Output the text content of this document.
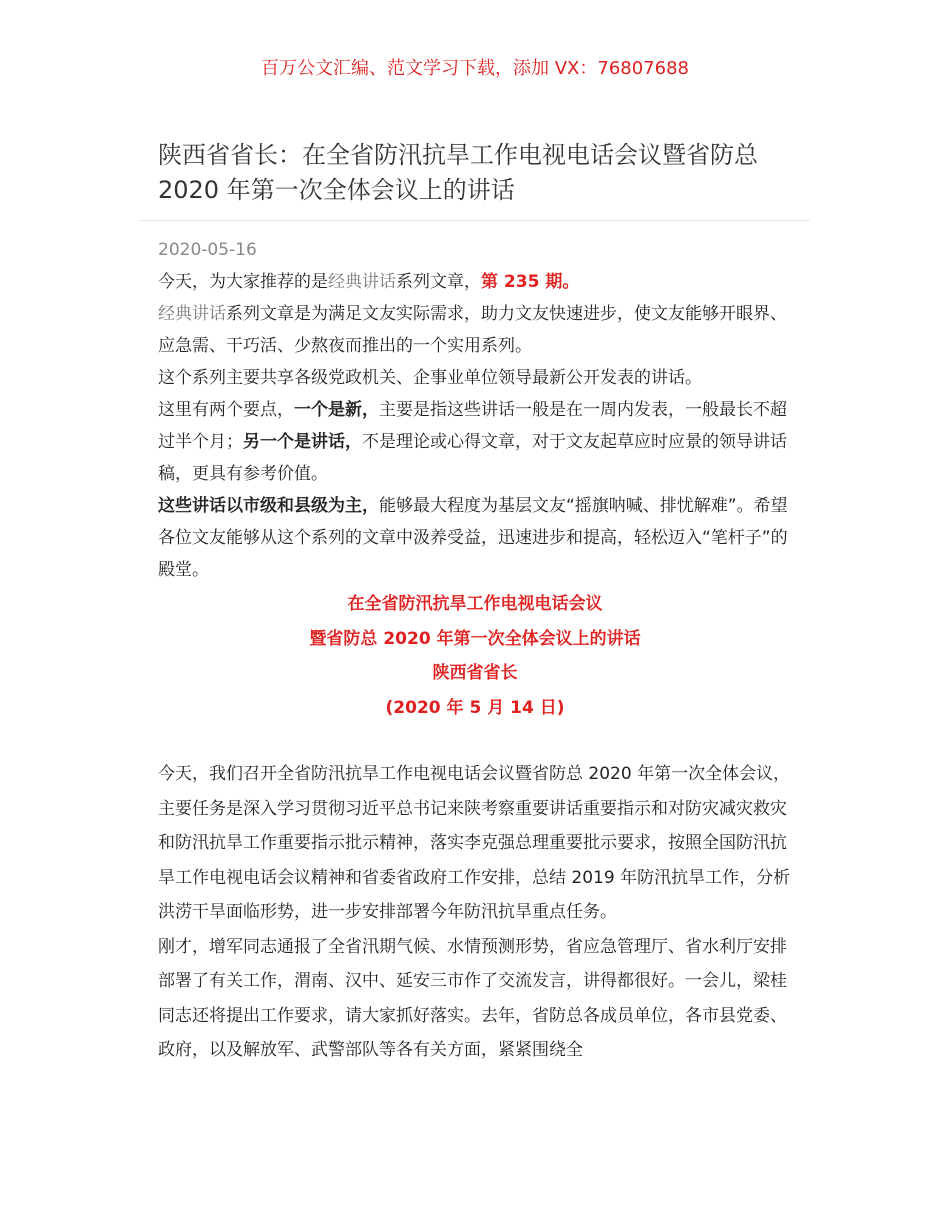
百万公文汇编、范文学习下载，添加 VX：76807688
陕西省省长：在全省防汛抗旱工作电视电话会议暨省防总 2020 年第一次全体会议上的讲话
2020-05-16

今天，为大家推荐的是经典讲话系列文章，第 235 期。

经典讲话系列文章是为满足文友实际需求，助力文友快速进步，使文友能够开眼界、应急需、干巧活、少熬夜而推出的一个实用系列。

这个系列主要共享各级党政机关、企事业单位领导最新公开发表的讲话。

这里有两个要点，一个是新，主要是指这些讲话一般是在一周内发表，一般最长不超过半个月；另一个是讲话，不是理论或心得文章，对于文友起草应时应景的领导讲话稿，更具有参考价值。

这些讲话以市级和县级为主，能够最大程度为基层文友“摇旗呐喊、排忧解难”。希望各位文友能够从这个系列的文章中汲养受益，迅速进步和提高，轻松迈入“笔杆子”的殿堂。

在全省防汛抗旱工作电视电话会议
暨省防总 2020 年第一次全体会议上的讲话
陕西省省长
(2020 年 5 月 14 日)

今天，我们召开全省防汛抗旱工作电视电话会议暨省防总 2020 年第一次全体会议，主要任务是深入学习贯彻习近平总书记来陕考察重要讲话重要指示和对防灾减灾救灾和防汛抗旱工作重要指示批示精神，落实李克强总理重要批示要求，按照全国防汛抗旱工作电视电话会议精神和省委省政府工作安排，总结 2019 年防汛抗旱工作，分析洪涝干旱面临形势，进一步安排部署今年防汛抗旱重点任务。

刚才，增军同志通报了全省汛期气候、水情预测形势，省应急管理厅、省水利厅安排部署了有关工作，渭南、汉中、延安三市作了交流发言，讲得都很好。一会儿，梁桂同志还将提出工作要求，请大家抓好落实。去年，省防总各成员单位，各市县党委、政府，以及解放军、武警部队等各有关方面，紧紧围绕全
